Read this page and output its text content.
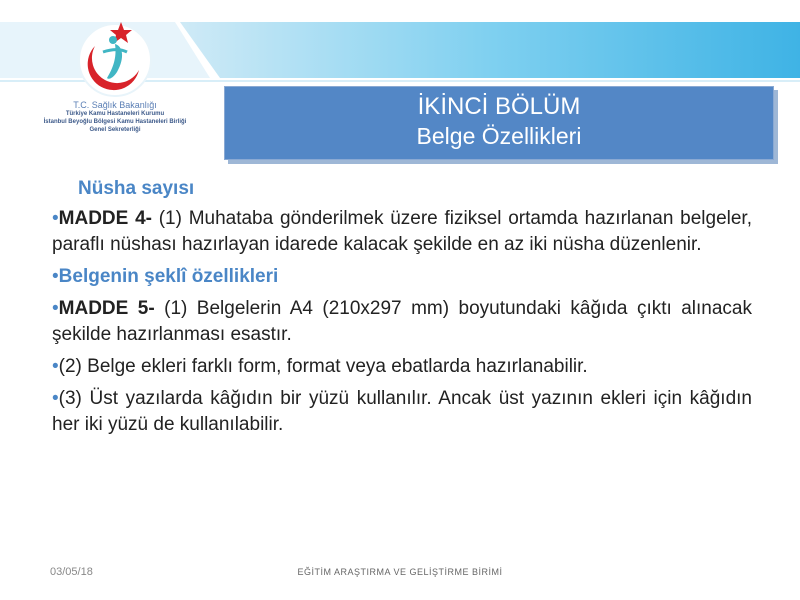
T.C. Sağlık Bakanlığı
Türkiye Kamu Hastaneleri Kurumu
İstanbul Beyoğlu Bölgesi Kamu Hastaneleri Birliği
Genel Sekreterliği
İKİNCİ BÖLÜM
Belge Özellikleri

Nüsha sayısı

•MADDE 4- (1) Muhataba gönderilmek üzere fiziksel ortamda hazırlanan belgeler, paraflı nüshası hazırlayan idarede kalacak şekilde en az iki nüsha düzenlenir.

•Belgenin şeklî özellikleri

•MADDE 5- (1) Belgelerin A4 (210x297 mm) boyutundaki kâğıda çıktı alınacak şekilde hazırlanması esastır.

•(2) Belge ekleri farklı form, format veya ebatlarda hazırlanabilir.

•(3) Üst yazılarda kâğıdın bir yüzü kullanılır. Ancak üst yazının ekleri için kâğıdın her iki yüzü de kullanılabilir.

03/05/18	EĞİTİM ARAŞTIRMA VE GELİŞTİRME BİRİMİ
